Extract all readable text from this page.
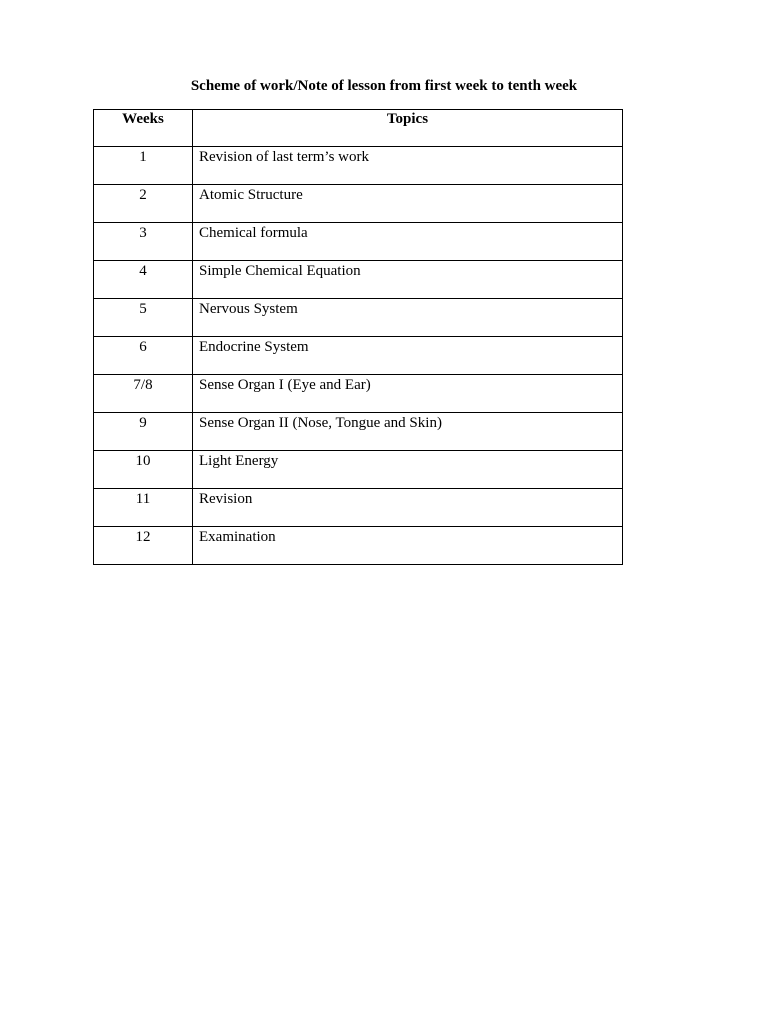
Scheme of work/Note of lesson from first week to tenth week
Weeks	Topics
1	Revision of last term’s work
2	Atomic Structure
3	Chemical formula
4	Simple Chemical Equation
5	Nervous System
6	Endocrine System
7/8	Sense Organ I (Eye and Ear)
9	Sense Organ II (Nose, Tongue and Skin)
10	Light Energy
11	Revision
12	Examination
